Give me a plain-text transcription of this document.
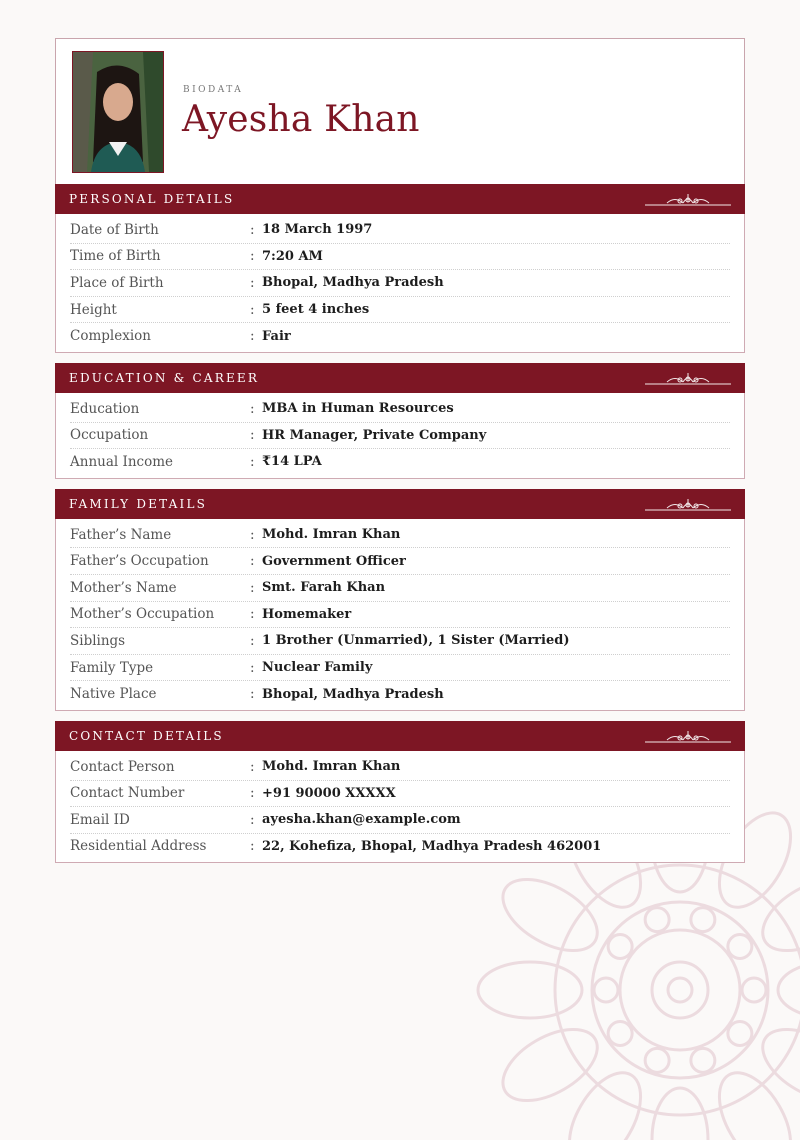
BIODATA
Ayesha Khan
PERSONAL DETAILS
Date of Birth	: 18 March 1997
Time of Birth	: 7:20 AM
Place of Birth	: Bhopal, Madhya Pradesh
Height	: 5 feet 4 inches
Complexion	: Fair
EDUCATION & CAREER
Education	: MBA in Human Resources
Occupation	: HR Manager, Private Company
Annual Income	: ₹14 LPA
FAMILY DETAILS
Father’s Name	: Mohd. Imran Khan
Father’s Occupation	: Government Officer
Mother’s Name	: Smt. Farah Khan
Mother’s Occupation	: Homemaker
Siblings	: 1 Brother (Unmarried), 1 Sister (Married)
Family Type	: Nuclear Family
Native Place	: Bhopal, Madhya Pradesh
CONTACT DETAILS
Contact Person	: Mohd. Imran Khan
Contact Number	: +91 90000 XXXXX
Email ID	: ayesha.khan@example.com
Residential Address	: 22, Kohefiza, Bhopal, Madhya Pradesh 462001
